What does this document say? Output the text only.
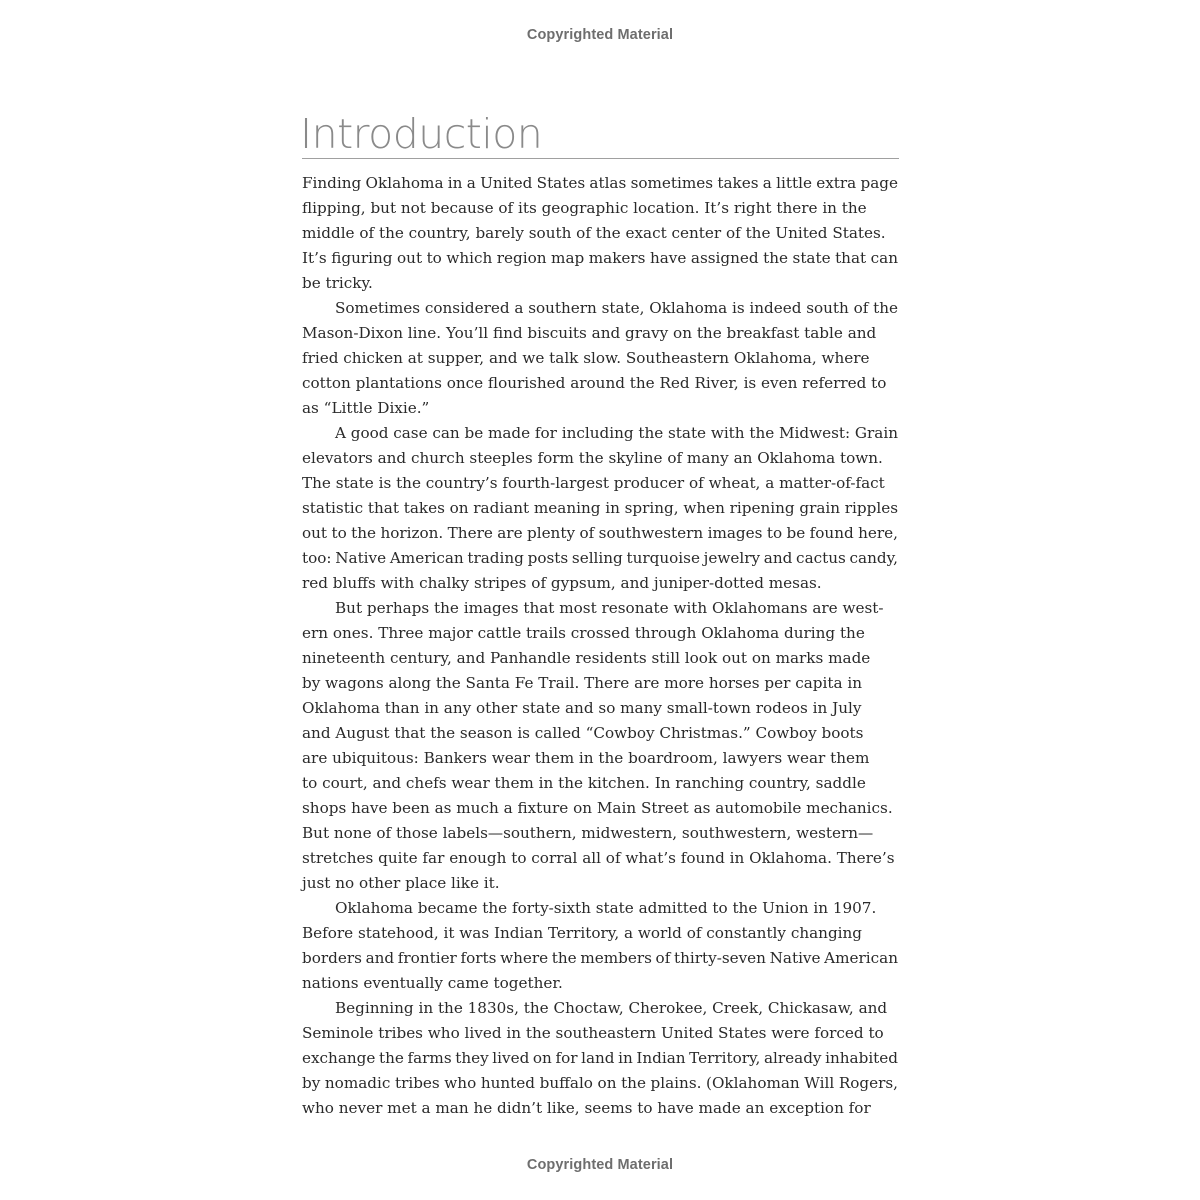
Copyrighted Material
Introduction

Finding Oklahoma in a United States atlas sometimes takes a little extra page
flipping, but not because of its geographic location. It’s right there in the
middle of the country, barely south of the exact center of the United States.
It’s figuring out to which region map makers have assigned the state that can
be tricky.

Sometimes considered a southern state, Oklahoma is indeed south of the
Mason-Dixon line. You’ll find biscuits and gravy on the breakfast table and
fried chicken at supper, and we talk slow. Southeastern Oklahoma, where
cotton plantations once flourished around the Red River, is even referred to
as “Little Dixie.”

A good case can be made for including the state with the Midwest: Grain
elevators and church steeples form the skyline of many an Oklahoma town.
The state is the country’s fourth-largest producer of wheat, a matter-of-fact
statistic that takes on radiant meaning in spring, when ripening grain ripples
out to the horizon. There are plenty of southwestern images to be found here,
too: Native American trading posts selling turquoise jewelry and cactus candy,
red bluffs with chalky stripes of gypsum, and juniper-dotted mesas.

But perhaps the images that most resonate with Oklahomans are west-
ern ones. Three major cattle trails crossed through Oklahoma during the
nineteenth century, and Panhandle residents still look out on marks made
by wagons along the Santa Fe Trail. There are more horses per capita in
Oklahoma than in any other state and so many small-town rodeos in July
and August that the season is called “Cowboy Christmas.” Cowboy boots
are ubiquitous: Bankers wear them in the boardroom, lawyers wear them
to court, and chefs wear them in the kitchen. In ranching country, saddle
shops have been as much a fixture on Main Street as automobile mechanics.
But none of those labels—southern, midwestern, southwestern, western—
stretches quite far enough to corral all of what’s found in Oklahoma. There’s
just no other place like it.

Oklahoma became the forty-sixth state admitted to the Union in 1907.
Before statehood, it was Indian Territory, a world of constantly changing
borders and frontier forts where the members of thirty-seven Native American
nations eventually came together.

Beginning in the 1830s, the Choctaw, Cherokee, Creek, Chickasaw, and
Seminole tribes who lived in the southeastern United States were forced to
exchange the farms they lived on for land in Indian Territory, already inhabited
by nomadic tribes who hunted buffalo on the plains. (Oklahoman Will Rogers,
who never met a man he didn’t like, seems to have made an exception for

Copyrighted Material
